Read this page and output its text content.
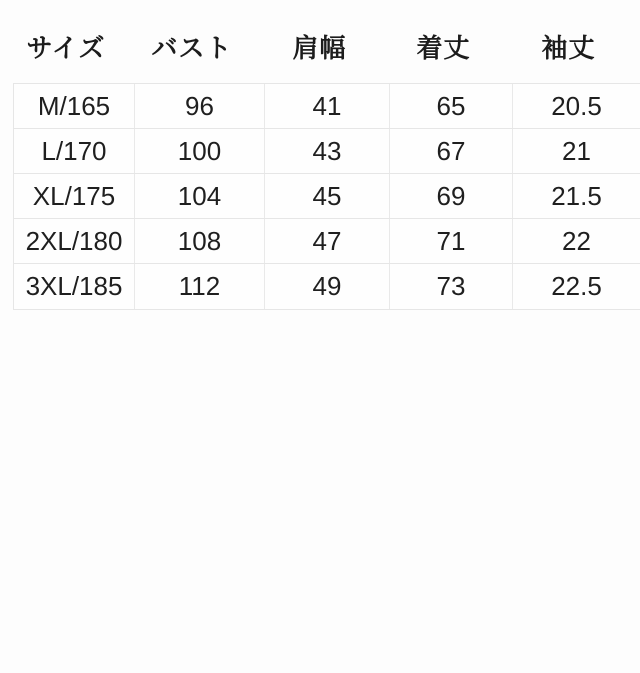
サイズ	バスト	肩幅	着丈	袖丈
M/165	96	41	65	20.5
L/170	100	43	67	21
XL/175	104	45	69	21.5
2XL/180	108	47	71	22
3XL/185	112	49	73	22.5
